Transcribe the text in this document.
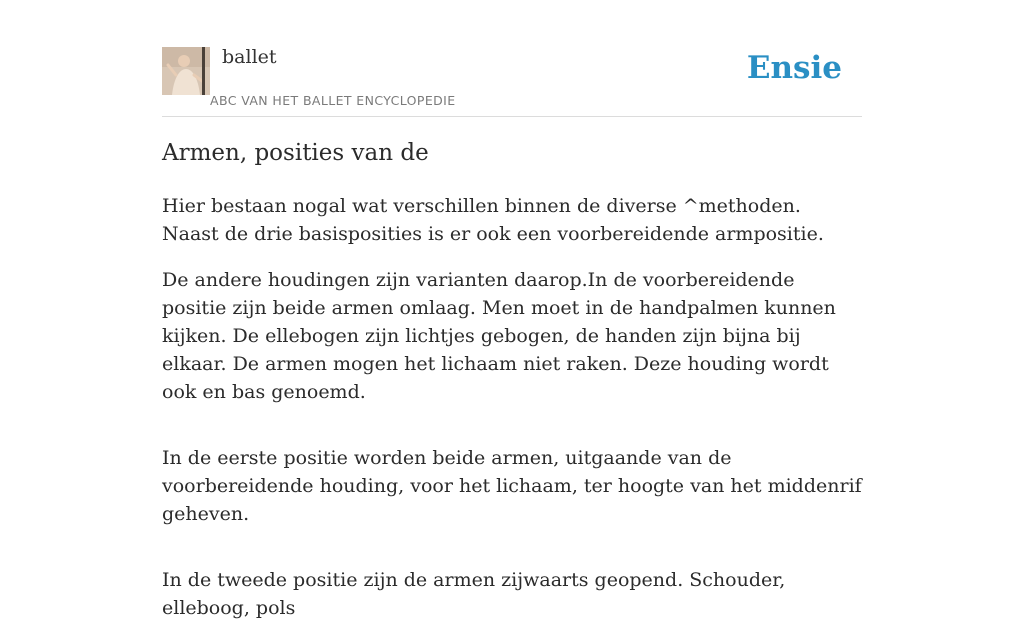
ballet
ABC VAN HET BALLET ENCYCLOPEDIE
Ensie
Armen, posities van de

Hier bestaan nogal wat verschillen binnen de diverse ^methoden. Naast de drie basisposities is er ook een voorbereidende armpositie.

De andere houdingen zijn varianten daarop.In de voorbereidende positie zijn beide armen omlaag. Men moet in de handpalmen kunnen kijken. De ellebogen zijn lichtjes gebogen, de handen zijn bijna bij elkaar. De armen mogen het lichaam niet raken. Deze houding wordt ook en bas genoemd.

In de eerste positie worden beide armen, uitgaande van de voorbereidende houding, voor het lichaam, ter hoogte van het middenrif geheven.

In de tweede positie zijn de armen zijwaarts geopend. Schouder, elleboog, pols
